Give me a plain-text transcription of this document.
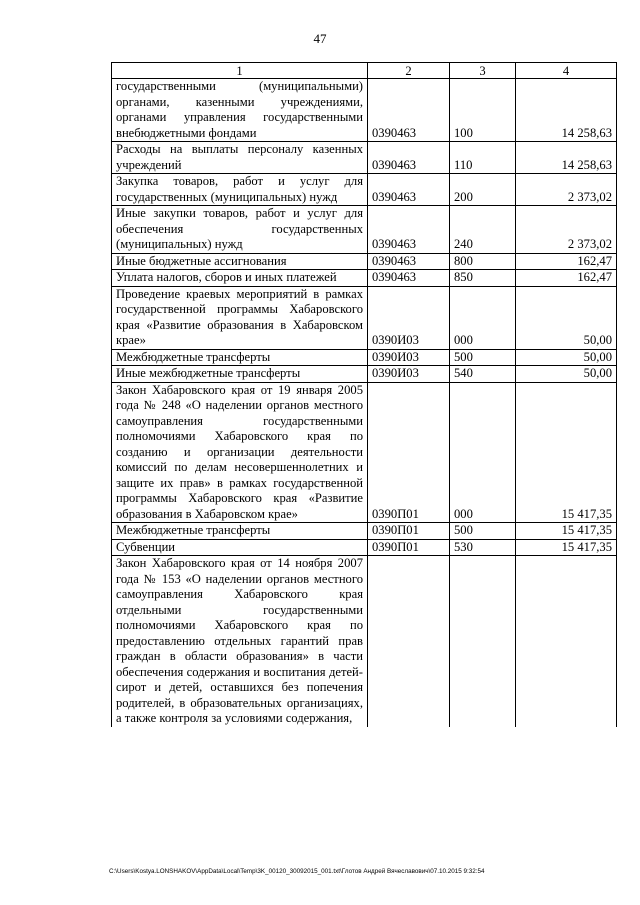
47
1	2	3	4
государственными (муниципальными) органами, казенными учреждениями, органами управления государственными внебюджетными фондами	0390463	100	14 258,63
Расходы на выплаты персоналу казенных учреждений	0390463	110	14 258,63
Закупка товаров, работ и услуг для государственных (муниципальных) нужд	0390463	200	2 373,02
Иные закупки товаров, работ и услуг для обеспечения государственных (муниципальных) нужд	0390463	240	2 373,02
Иные бюджетные ассигнования	0390463	800	162,47
Уплата налогов, сборов и иных платежей	0390463	850	162,47
Проведение краевых мероприятий в рамках государственной программы Хабаровского края «Развитие образования в Хабаровском крае»	0390И03	000	50,00
Межбюджетные трансферты	0390И03	500	50,00
Иные межбюджетные трансферты	0390И03	540	50,00
Закон Хабаровского края от 19 января 2005 года № 248 «О наделении органов местного самоуправления государственными полномочиями Хабаровского края по созданию и организации деятельности комиссий по делам несовершеннолетних и защите их прав» в рамках государственной программы Хабаровского края «Развитие образования в Хабаровском крае»	0390П01	000	15 417,35
Межбюджетные трансферты	0390П01	500	15 417,35
Субвенции	0390П01	530	15 417,35
Закон Хабаровского края от 14 ноября 2007 года № 153 «О наделении органов местного самоуправления Хабаровского края отдельными государственными полномочиями Хабаровского края по предоставлению отдельных гарантий прав граждан в области образования» в части обеспечения содержания и воспитания детей-сирот и детей, оставшихся без попечения родителей, в образовательных организациях, а также контроля за условиями содержания,			
C:\Users\Kostya.LONSHAKOV\AppData\Local\Temp\3K_00120_30092015_001.txt\Глотов Андрей Вячеславович\07.10.2015 9:32:54
